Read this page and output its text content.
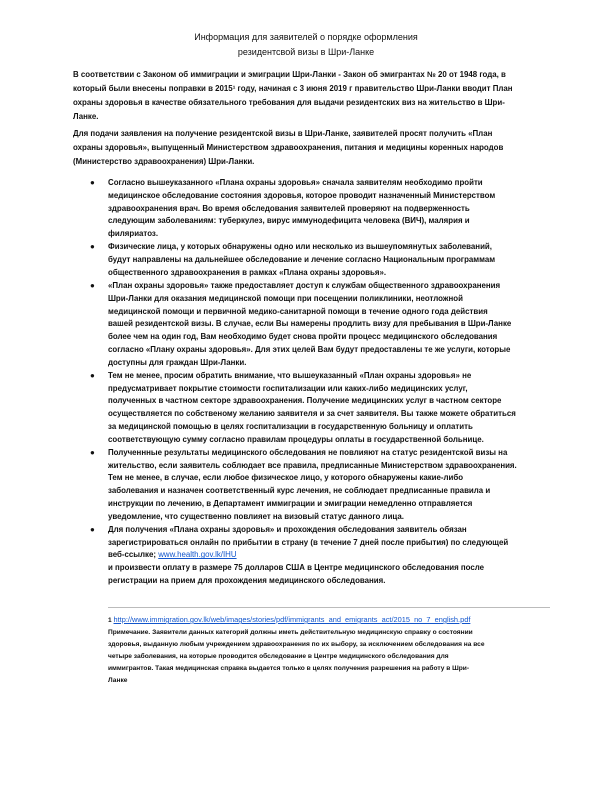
Информация для заявителей о порядке оформления
резидентсвой визы в Шри-Ланке
В соответствии с Законом об иммиграции и эмиграции Шри-Ланки - Закон об эмигрантах № 20 от 1948 года, в
который были внесены поправки в 2015¹ году, начиная с 3 июня 2019 г правительство Шри-Ланки вводит План
охраны здоровья в качестве обязательного требования для выдачи резидентских виз на жительство в Шри-
Ланке.
Для подачи заявления на получение резидентской визы в Шри-Ланке, заявителей просят получить «План
охраны здоровья», выпущенный Министерством здравоохранения, питания и медицины коренных народов
(Министерство здравоохранения) Шри-Ланки.
● Согласно вышеуказанного «Плана охраны здоровья» сначала заявителям необходимо пройти
медицинское обследование состояния здоровья, которое проводит назначенный Министерством
здравоохранения врач. Во время обследования заявителей проверяют на подверженность
следующим заболеваниям: туберкулез, вирус иммунодефицита человека (ВИЧ), малярия и
филяриатоз.
● Физические лица, у которых обнаружены одно или несколько из вышеупомянутых заболеваний,
будут направлены на дальнейшее обследование и лечение согласно Национальным программам
общественного здравоохранения в рамках «Плана охраны здоровья».
● «План охраны здоровья» также предоставляет доступ к службам общественного здравоохранения
Шри-Ланки для оказания медицинской помощи при посещении поликлиники, неотложной
медицинской помощи и первичной медико-санитарной помощи в течение одного года действия
вашей резидентской визы. В случае, если Вы намерены продлить визу для пребывания в Шри-Ланке
более чем на один год, Вам необходимо будет снова пройти процесс медицинского обследования
согласно «Плану охраны здоровья». Для этих целей Вам будут предоставлены те же услуги, которые
доступны для граждан Шри-Ланки.
● Тем не менее, просим обратить внимание, что вышеуказанный «План охраны здоровья» не
предусматривает покрытие стоимости госпитализации или каких-либо медицинских услуг,
полученных в частном секторе здравоохранения. Получение медицинских услуг в частном секторе
осуществляется по собственому желанию заявителя и за счет заявителя. Вы также можете обратиться
за медицинской помощью в целях госпитализации в государственную больницу и оплатить
соответствующую сумму согласно правилам процедуры оплаты в государственной больнице.
● Полученнные результаты медицинского обследования не повлияют на статус резидентской визы на
жительство, если заявитель соблюдает все правила, предписанные Министерством здравоохранения.
Тем не менее, в случае, если любое физическое лицо, у которого обнаружены какие-либо
заболевания и назначен соответственный курс лечения, не соблюдает предписанные правила и
инструкции по лечению, в Департамент иммиграции и эмиграции немедленно отправляется
уведомление, что существенно повлияет на визовый статус данного лица.
● Для получения «Плана охраны здоровья» и прохождения обследования заявитель обязан
зарегистрироваться онлайн по прибытии в страну (в течение 7 дней после прибытия) по следующей
веб-ссылке; www.health.gov.lk/IHU
и произвести оплату в размере 75 долларов США в Центре медицинского обследования после
регистрации на прием для прохождения медицинского обследования.
1 http://www.immigration.gov.lk/web/images/stories/pdf/immigrants_and_emigrants_act/2015_no_7_english.pdf
Примечание. Заявители данных категорий должны иметь действительную медицинскую справку о состоянии
здоровья, выданную любым учреждением здравоохранения по их выбору, за исключением обследования на все
четыре заболевания, на которые проводится обследование в Центре медицинского обследования для
иммигрантов. Такая медицинская справка выдается только в целях получения разрешения на работу в Шри-
Ланке
